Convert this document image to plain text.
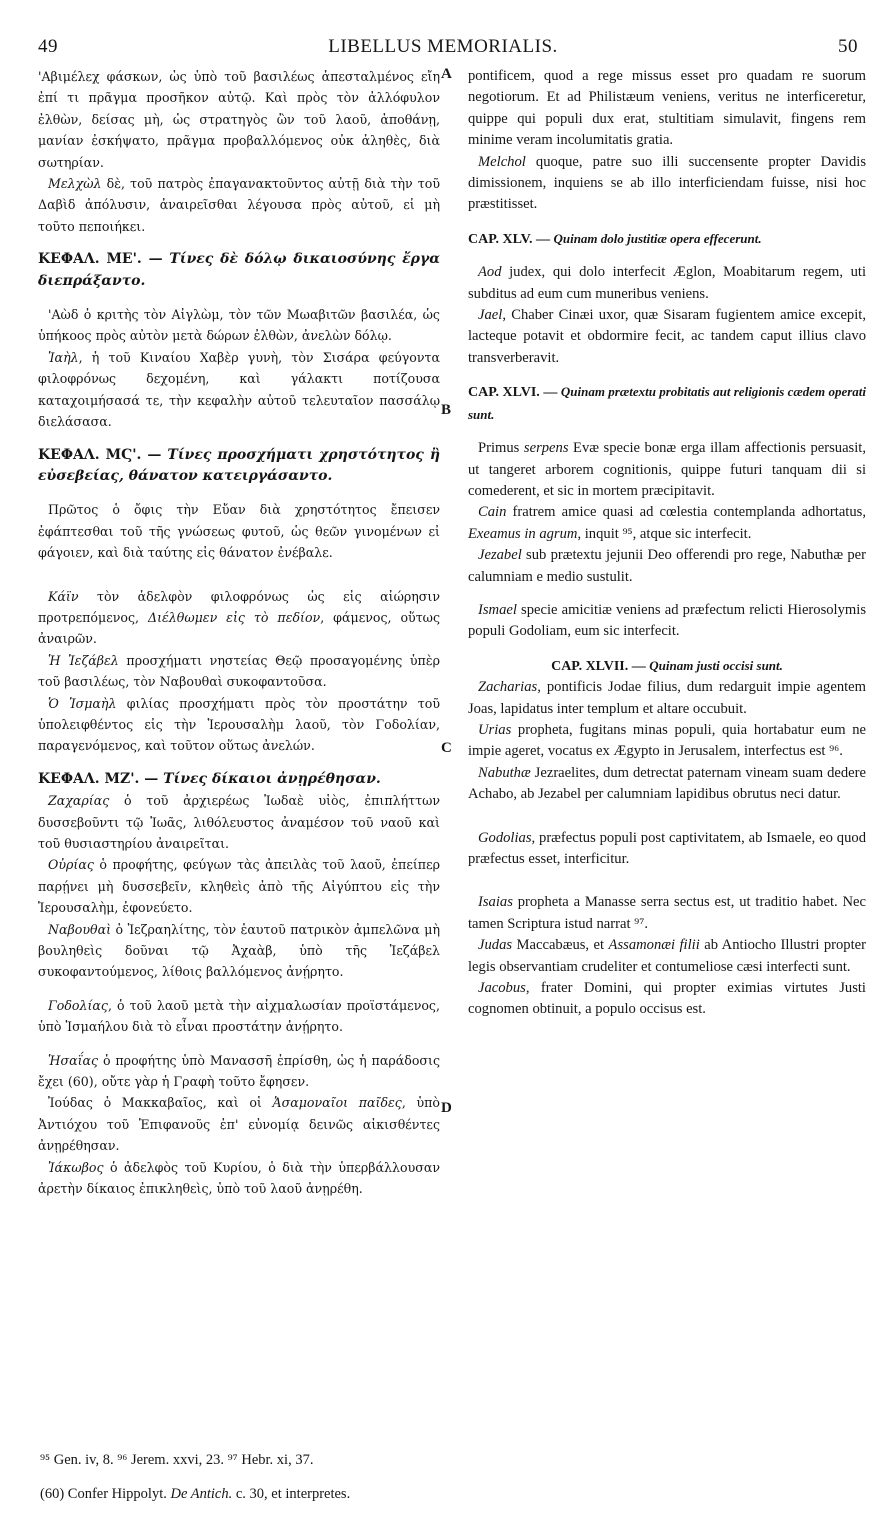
49	LIBELLUS MEMORIALIS.	50
A
B
C
D

'Αβιμέλεχ φάσκων, ὡς ὑπὸ τοῦ βασιλέως ἀπεσταλμένος εἴη ἐπί τι πρᾶγμα προσῆκον αὐτῷ. Καὶ πρὸς τὸν ἀλλόφυλον ἐλθὼν, δείσας μὴ, ὡς στρατηγὸς ὢν τοῦ λαοῦ, ἀποθάνῃ, μανίαν ἐσκήψατο, πρᾶγμα προβαλλόμενος οὐκ ἀληθὲς, διὰ σωτηρίαν.

Μελχὼλ δὲ, τοῦ πατρὸς ἐπαγανακτοῦντος αὐτῇ διὰ τὴν τοῦ Δαβὶδ ἀπόλυσιν, ἀναιρεῖσθαι λέγουσα πρὸς αὐτοῦ, εἰ μὴ τοῦτο πεποιήκει.

ΚΕΦΑΛ. ΜΕ'. — Τίνες δὲ δόλῳ δικαιοσύνης ἔργα διεπράξαντο.

'Αὼδ ὁ κριτὴς τὸν Αἰγλὼμ, τὸν τῶν Μωαβιτῶν βασιλέα, ὡς ὑπήκοος πρὸς αὐτὸν μετὰ δώρων ἐλθὼν, ἀνελὼν δόλῳ.

Ἰαὴλ, ἡ τοῦ Κιναίου Χαβὲρ γυνὴ, τὸν Σισάρα φεύγοντα φιλοφρόνως δεχομένη, καὶ γάλακτι ποτίζουσα καταχοιμήσασά τε, τὴν κεφαλὴν αὐτοῦ τελευταῖον πασσάλῳ διελάσασα.

ΚΕΦΑΛ. ΜϚ'. — Τίνες προσχήματι χρηστότητος ἢ εὐσεβείας, θάνατον κατειργάσαντο.

Πρῶτος ὁ ὄφις τὴν Εὔαν διὰ χρηστότητος ἔπεισεν ἐφάπτεσθαι τοῦ τῆς γνώσεως φυτοῦ, ὡς θεῶν γινομένων εἰ φάγοιεν, καὶ διὰ ταύτης εἰς θάνατον ἐνέβαλε.

Κάϊν τὸν ἀδελφὸν φιλοφρόνως ὡς εἰς αἰώρησιν προτρεπόμενος, Διέλθωμεν εἰς τὸ πεδίον, φάμενος, οὕτως ἀναιρῶν.

Ἡ Ἰεζάβελ προσχήματι νηστείας Θεῷ προσαγομένης ὑπὲρ τοῦ βασιλέως, τὸν Ναβουθαὶ συκοφαντοῦσα.

Ὁ Ἰσμαὴλ φιλίας προσχήματι πρὸς τὸν προστάτην τοῦ ὑπολειφθέντος εἰς τὴν Ἱερουσαλὴμ λαοῦ, τὸν Γοδολίαν, παραγενόμενος, καὶ τοῦτον οὕτως ἀνελών.

ΚΕΦΑΛ. ΜΖ'. — Τίνες δίκαιοι ἀνῃρέθησαν.

Ζαχαρίας ὁ τοῦ ἀρχιερέως Ἰωδαὲ υἱὸς, ἐπιπλήττων δυσσεβοῦντι τῷ Ἰωᾶς, λιθόλευστος ἀναμέσον τοῦ ναοῦ καὶ τοῦ θυσιαστηρίου ἀναιρεῖται.

Οὐρίας ὁ προφήτης, φεύγων τὰς ἀπειλὰς τοῦ λαοῦ, ἐπείπερ παρῄνει μὴ δυσσεβεῖν, κληθεὶς ἀπὸ τῆς Αἰγύπτου εἰς τὴν Ἱερουσαλὴμ, ἐφονεύετο.

Ναβουθαὶ ὁ Ἰεζραηλίτης, τὸν ἑαυτοῦ πατρικὸν ἀμπελῶνα μὴ βουληθεὶς δοῦναι τῷ Ἀχαὰβ, ὑπὸ τῆς Ἰεζάβελ συκοφαντούμενος, λίθοις βαλλόμενος ἀνῄρητο.

Γοδολίας, ὁ τοῦ λαοῦ μετὰ τὴν αἰχμαλωσίαν προϊστάμενος, ὑπὸ Ἰσμαήλου διὰ τὸ εἶναι προστάτην ἀνῄρητο.

Ἡσαΐας ὁ προφήτης ὑπὸ Μανασσῆ ἐπρίσθη, ὡς ἡ παράδοσις ἔχει (60), οὔτε γὰρ ἡ Γραφὴ τοῦτο ἔφησεν.

Ἰούδας ὁ Μακκαβαῖος, καὶ οἱ Ἀσαμοναῖοι παῖδες, ὑπὸ Ἀντιόχου τοῦ Ἐπιφανοῦς ἐπ' εὐνομίᾳ δεινῶς αἰκισθέντες ἀνῃρέθησαν.

Ἰάκωβος ὁ ἀδελφὸς τοῦ Κυρίου, ὁ διὰ τὴν ὑπερβάλλουσαν ἀρετὴν δίκαιος ἐπικληθεὶς, ὑπὸ τοῦ λαοῦ ἀνῃρέθη.

pontificem, quod a rege missus esset pro quadam re suorum negotiorum. Et ad Philistæum veniens, veritus ne interficeretur, quippe qui populi dux erat, stultitiam simulavit, fingens rem minime veram incolumitatis gratia.

Melchol quoque, patre suo illi succensente propter Davidis dimissionem, inquiens se ab illo interficiendam fuisse, nisi hoc præstitisset.

CAP. XLV. — Quinam dolo justitiæ opera effecerunt.

Aod judex, qui dolo interfecit Æglon, Moabitarum regem, uti subditus ad eum cum muneribus veniens.

Jael, Chaber Cinæi uxor, quæ Sisaram fugientem amice excepit, lacteque potavit et obdormire fecit, ac tandem caput illius clavo transverberavit.

CAP. XLVI. — Quinam prætextu probitatis aut religionis cædem operati sunt.

Primus serpens Evæ specie bonæ erga illam affectionis persuasit, ut tangeret arborem cognitionis, quippe futuri tanquam dii si comederent, et sic in mortem præcipitavit.

Cain fratrem amice quasi ad cœlestia contemplanda adhortatus, Exeamus in agrum, inquit ⁹⁵, atque sic interfecit.

Jezabel sub prætextu jejunii Deo offerendi pro rege, Nabuthæ per calumniam e medio sustulit.

Ismael specie amicitiæ veniens ad præfectum relicti Hierosolymis populi Godoliam, eum sic interfecit.

CAP. XLVII. — Quinam justi occisi sunt.

Zacharias, pontificis Jodae filius, dum redarguit impie agentem Joas, lapidatus inter templum et altare occubuit.

Urias propheta, fugitans minas populi, quia hortabatur eum ne impie ageret, vocatus ex Ægypto in Jerusalem, interfectus est ⁹⁶.

Nabuthæ Jezraelites, dum detrectat paternam vineam suam dedere Achabo, ab Jezabel per calumniam lapidibus obrutus neci datur.

Godolias, præfectus populi post captivitatem, ab Ismaele, eo quod præfectus esset, interficitur.

Isaias propheta a Manasse serra sectus est, ut traditio habet. Nec tamen Scriptura istud narrat ⁹⁷.

Judas Maccabæus, et Assamonæi filii ab Antiocho Illustri propter legis observantiam crudeliter et contumeliose cæsi interfecti sunt.

Jacobus, frater Domini, qui propter eximias virtutes Justi cognomen obtinuit, a populo occisus est.

⁹⁵ Gen. iv, 8. ⁹⁶ Jerem. xxvi, 23. ⁹⁷ Hebr. xi, 37.
(60) Confer Hippolyt. De Antich. c. 30, et interpretes.
